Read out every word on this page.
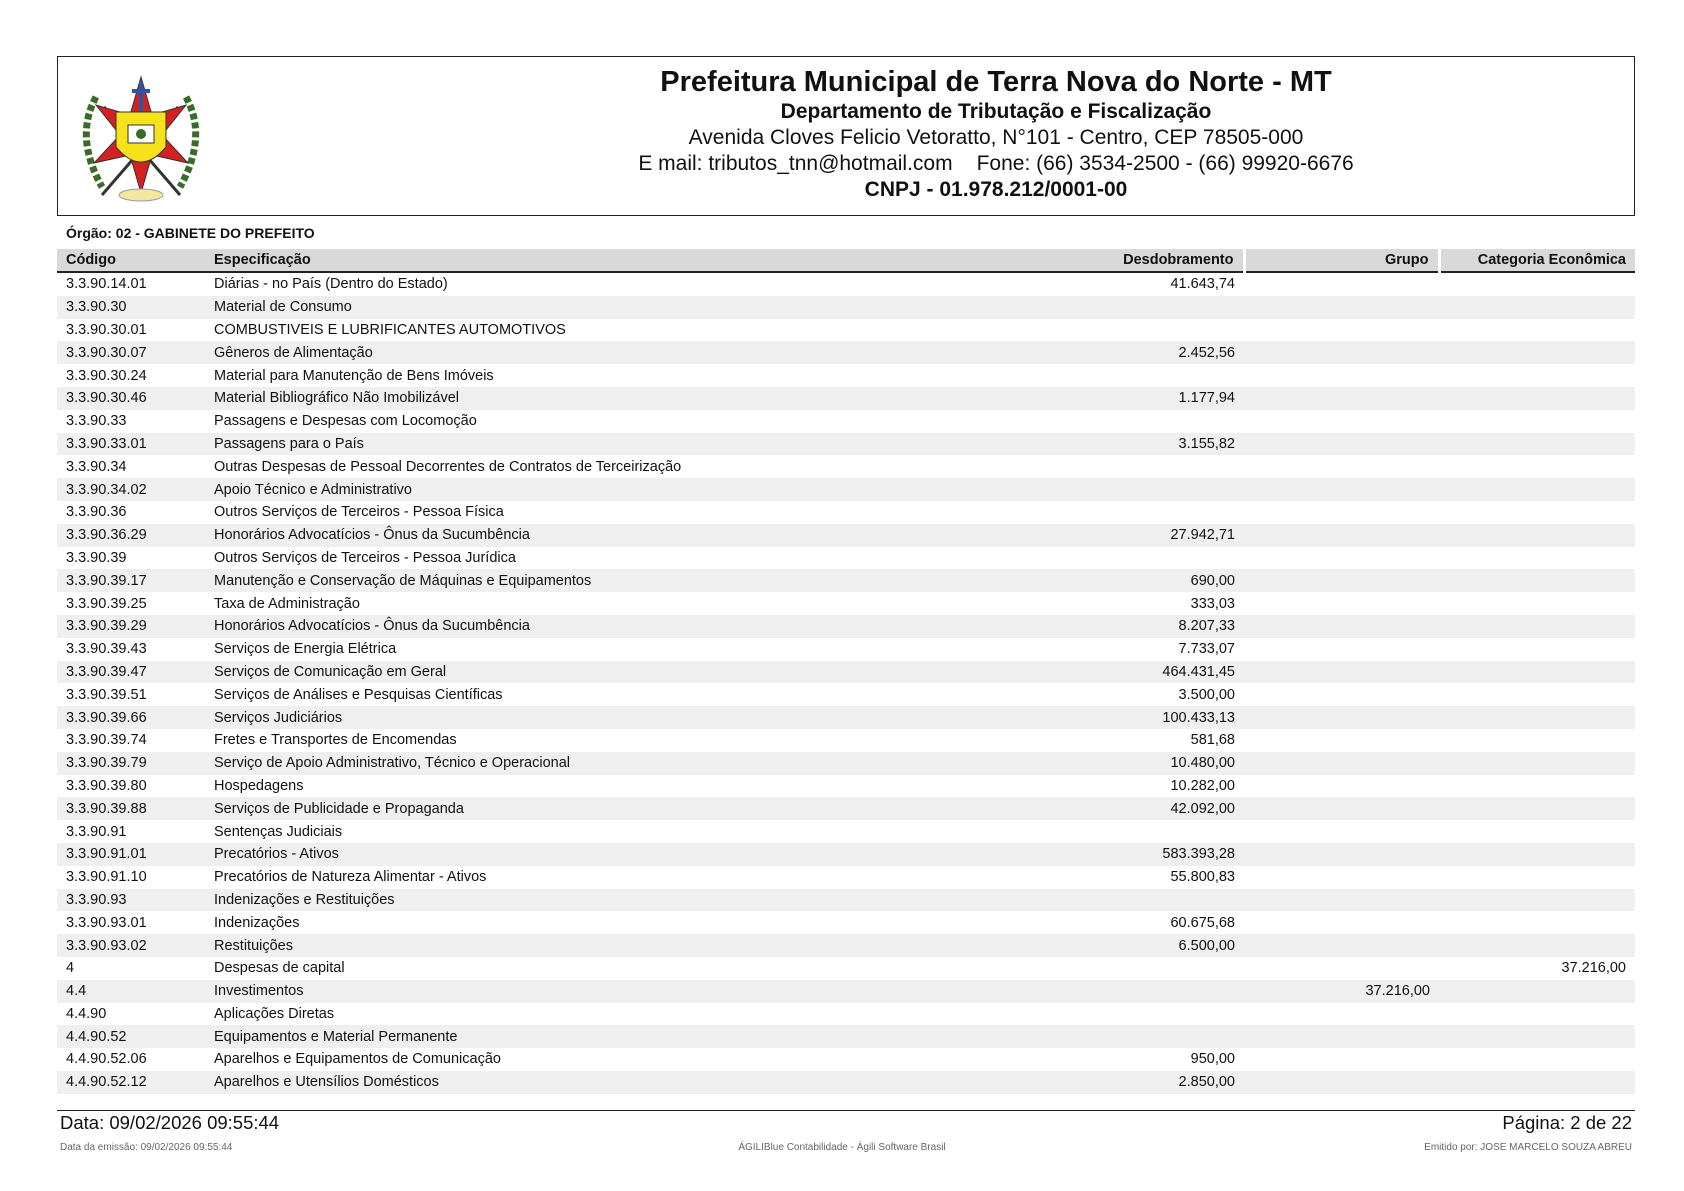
Prefeitura Municipal de Terra Nova do Norte - MT
Departamento de Tributação e Fiscalização
Avenida Cloves Felicio Vetoratto, N°101 - Centro, CEP 78505-000
E mail: tributos_tnn@hotmail.com Fone: (66) 3534-2500 - (66) 99920-6676
CNPJ - 01.978.212/0001-00
Órgão: 02 - GABINETE DO PREFEITO
Código	Especificação	Desdobramento	Grupo	Categoria Econômica
3.3.90.14.01	Diárias - no País (Dentro do Estado)	41.643,74		
3.3.90.30	Material de Consumo			
3.3.90.30.01	COMBUSTIVEIS E LUBRIFICANTES AUTOMOTIVOS			
3.3.90.30.07	Gêneros de Alimentação	2.452,56		
3.3.90.30.24	Material para Manutenção de Bens Imóveis			
3.3.90.30.46	Material Bibliográfico Não Imobilizável	1.177,94		
3.3.90.33	Passagens e Despesas com Locomoção			
3.3.90.33.01	Passagens para o País	3.155,82		
3.3.90.34	Outras Despesas de Pessoal Decorrentes de Contratos de Terceirização			
3.3.90.34.02	Apoio Técnico e Administrativo			
3.3.90.36	Outros Serviços de Terceiros - Pessoa Física			
3.3.90.36.29	Honorários Advocatícios - Ônus da Sucumbência	27.942,71		
3.3.90.39	Outros Serviços de Terceiros - Pessoa Jurídica			
3.3.90.39.17	Manutenção e Conservação de Máquinas e Equipamentos	690,00		
3.3.90.39.25	Taxa de Administração	333,03		
3.3.90.39.29	Honorários Advocatícios - Ônus da Sucumbência	8.207,33		
3.3.90.39.43	Serviços de Energia Elétrica	7.733,07		
3.3.90.39.47	Serviços de Comunicação em Geral	464.431,45		
3.3.90.39.51	Serviços de Análises e Pesquisas Científicas	3.500,00		
3.3.90.39.66	Serviços Judiciários	100.433,13		
3.3.90.39.74	Fretes e Transportes de Encomendas	581,68		
3.3.90.39.79	Serviço de Apoio Administrativo, Técnico e Operacional	10.480,00		
3.3.90.39.80	Hospedagens	10.282,00		
3.3.90.39.88	Serviços de Publicidade e Propaganda	42.092,00		
3.3.90.91	Sentenças Judiciais			
3.3.90.91.01	Precatórios - Ativos	583.393,28		
3.3.90.91.10	Precatórios de Natureza Alimentar - Ativos	55.800,83		
3.3.90.93	Indenizações e Restituições			
3.3.90.93.01	Indenizações	60.675,68		
3.3.90.93.02	Restituições	6.500,00		
4	Despesas de capital			37.216,00
4.4	Investimentos		37.216,00	
4.4.90	Aplicações Diretas			
4.4.90.52	Equipamentos e Material Permanente			
4.4.90.52.06	Aparelhos e Equipamentos de Comunicação	950,00		
4.4.90.52.12	Aparelhos e Utensílios Domésticos	2.850,00		
Data: 09/02/2026 09:55:44	Página: 2 de 22
Data da emissão: 09/02/2026 09:55:44	ÁGILIBlue Contabilidade - Ágili Software Brasil	Emitido por: JOSE MARCELO SOUZA ABREU
